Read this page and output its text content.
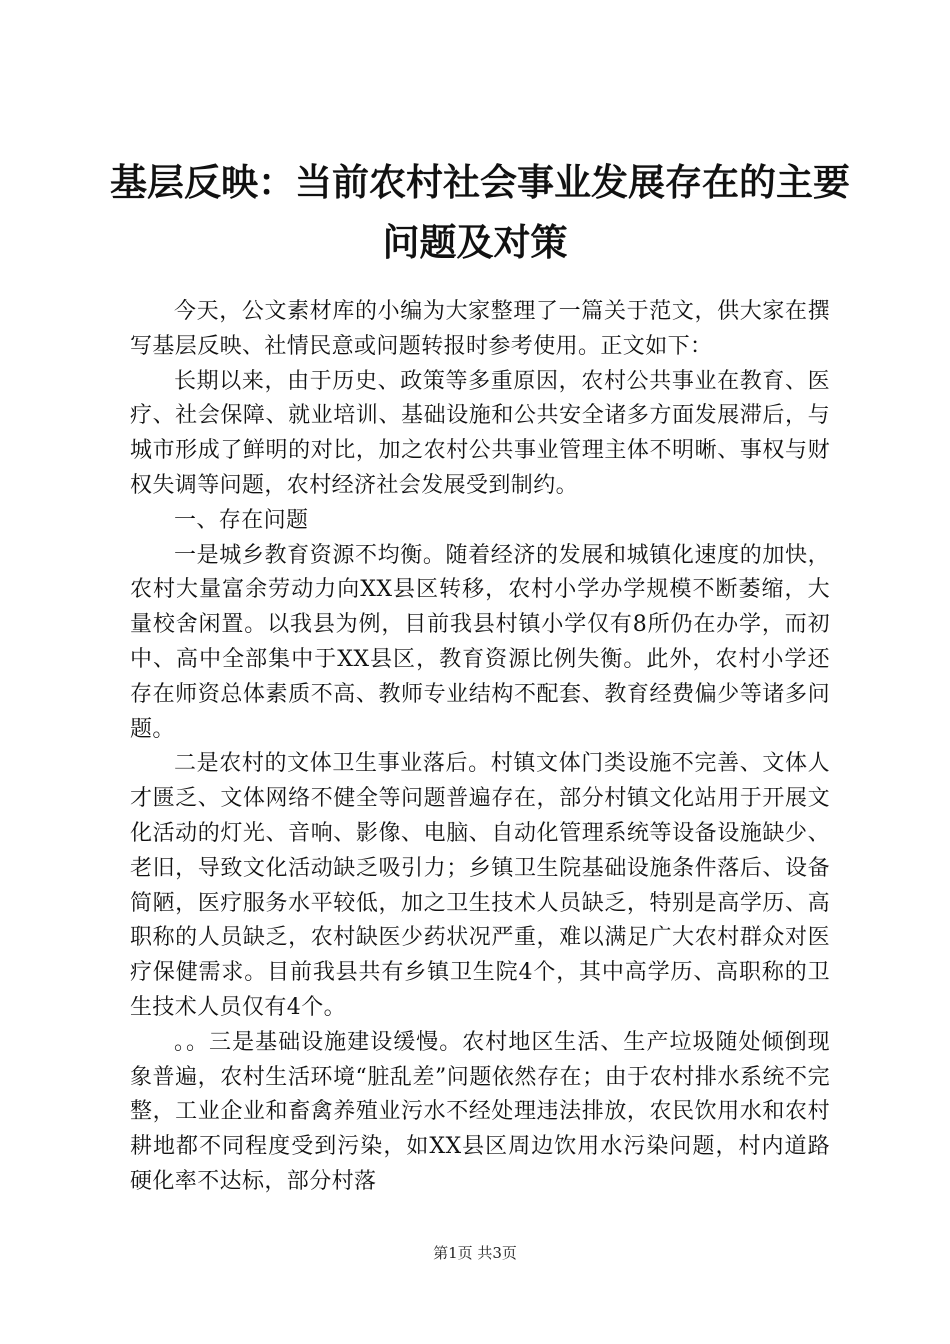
基层反映：当前农村社会事业发展存在的主要
问题及对策

今天，公文素材库的小编为大家整理了一篇关于范文，供大家在撰写基层反映、社情民意或问题转报时参考使用。正文如下：

长期以来，由于历史、政策等多重原因，农村公共事业在教育、医疗、社会保障、就业培训、基础设施和公共安全诸多方面发展滞后，与城市形成了鲜明的对比，加之农村公共事业管理主体不明晰、事权与财权失调等问题，农村经济社会发展受到制约。

一、存在问题

一是城乡教育资源不均衡。随着经济的发展和城镇化速度的加快，农村大量富余劳动力向XX县区转移，农村小学办学规模不断萎缩，大量校舍闲置。以我县为例，目前我县村镇小学仅有8所仍在办学，而初中、高中全部集中于XX县区，教育资源比例失衡。此外，农村小学还存在师资总体素质不高、教师专业结构不配套、教育经费偏少等诸多问题。

二是农村的文体卫生事业落后。村镇文体门类设施不完善、文体人才匮乏、文体网络不健全等问题普遍存在，部分村镇文化站用于开展文化活动的灯光、音响、影像、电脑、自动化管理系统等设备设施缺少、老旧，导致文化活动缺乏吸引力；乡镇卫生院基础设施条件落后、设备简陋，医疗服务水平较低，加之卫生技术人员缺乏，特别是高学历、高职称的人员缺乏，农村缺医少药状况严重，难以满足广大农村群众对医疗保健需求。目前我县共有乡镇卫生院4个，其中高学历、高职称的卫生技术人员仅有4个。

。。三是基础设施建设缓慢。农村地区生活、生产垃圾随处倾倒现象普遍，农村生活环境“脏乱差”问题依然存在；由于农村排水系统不完整，工业企业和畜禽养殖业污水不经处理违法排放，农民饮用水和农村耕地都不同程度受到污染，如XX县区周边饮用水污染问题，村内道路硬化率不达标，部分村落

第1页 共3页
